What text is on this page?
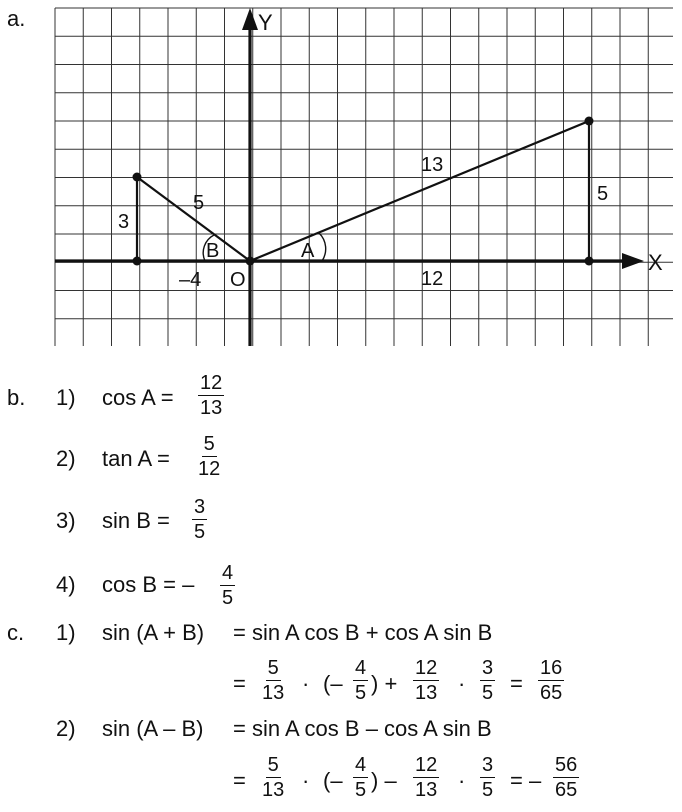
a.
X
Y
13
5
12
5
3
–4 O
A
B
b. 1) $\cos A = \frac{12}{13}$
2) $\tan A = \frac{5}{12}$
3) $\sin B = \frac{3}{5}$
4) cos B = – $\frac{4}{5}$
c. 1) sin (A + B) = sin A cos B + cos A sin B
= $\frac{5}{13}$ · (– $\frac{4}{5}$ ) + $\frac{12}{13} \cdot \frac{3}{5} = \frac{16}{65}$
2) sin (A – B) = sin A cos B – cos A sin B
= $\frac{5}{13}$ · (– $\frac{4}{5}$ ) – $\frac{12}{13} \cdot \frac{3}{5}$ = – $\frac{56}{65}$
